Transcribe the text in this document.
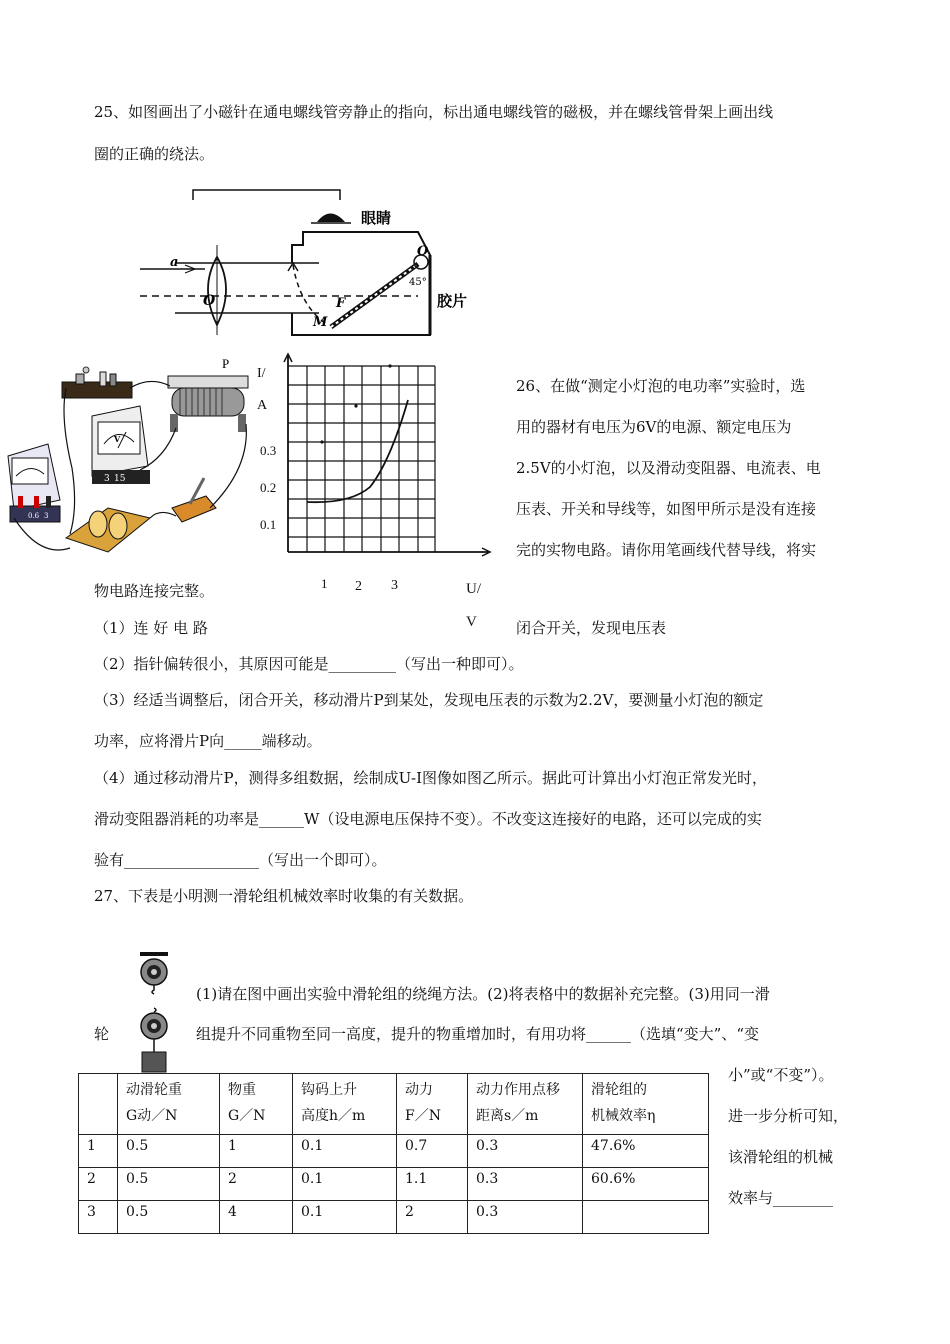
25、如图画出了小磁针在通电螺线管旁静止的指向，标出通电螺线管的磁极，并在螺线管骨架上画出线
圈的正确的绕法。
眼睛
a
O	F
M
O
45°
胶片
P
V
3 15
0.6 3
I/
A
0.3
0.2
0.1
1 2 3	U/
V
26、在做“测定小灯泡的电功率”实验时，选
用的器材有电压为6V的电源、额定电压为
2.5V的小灯泡，以及滑动变阻器、电流表、电
压表、开关和导线等，如图甲所示是没有连接
完的实物电路。请你用笔画线代替导线，将实
物电路连接完整。
（1）连 好 电 路	闭合开关，发现电压表
（2）指针偏转很小，其原因可能是_________（写出一种即可）。
（3）经适当调整后，闭合开关，移动滑片P到某处，发现电压表的示数为2.2V，要测量小灯泡的额定
功率，应将滑片P向_____端移动。
（4）通过移动滑片P，测得多组数据，绘制成U-I图像如图乙所示。据此可计算出小灯泡正常发光时，
滑动变阻器消耗的功率是______W（设电源电压保持不变）。不改变这连接好的电路，还可以完成的实
验有__________________（写出一个即可）。
27、下表是小明测一滑轮组机械效率时收集的有关数据。
(1)请在图中画出实验中滑轮组的绕绳方法。(2)将表格中的数据补充完整。(3)用同一滑
轮	组提升不同重物至同一高度，提升的物重增加时，有用功将______（选填“变大”、“变
小”或“不变”）。
进一步分析可知，
该滑轮组的机械
效率与________
	动滑轮重
G动／N	物重
G／N	钩码上升
高度h／m	动力
F／N	动力作用点移
距离s／m	滑轮组的
机械效率η
1	0.5	1	0.1	0.7	0.3	47.6%
2	0.5	2	0.1	1.1	0.3	60.6%
3	0.5	4	0.1	2	0.3	
